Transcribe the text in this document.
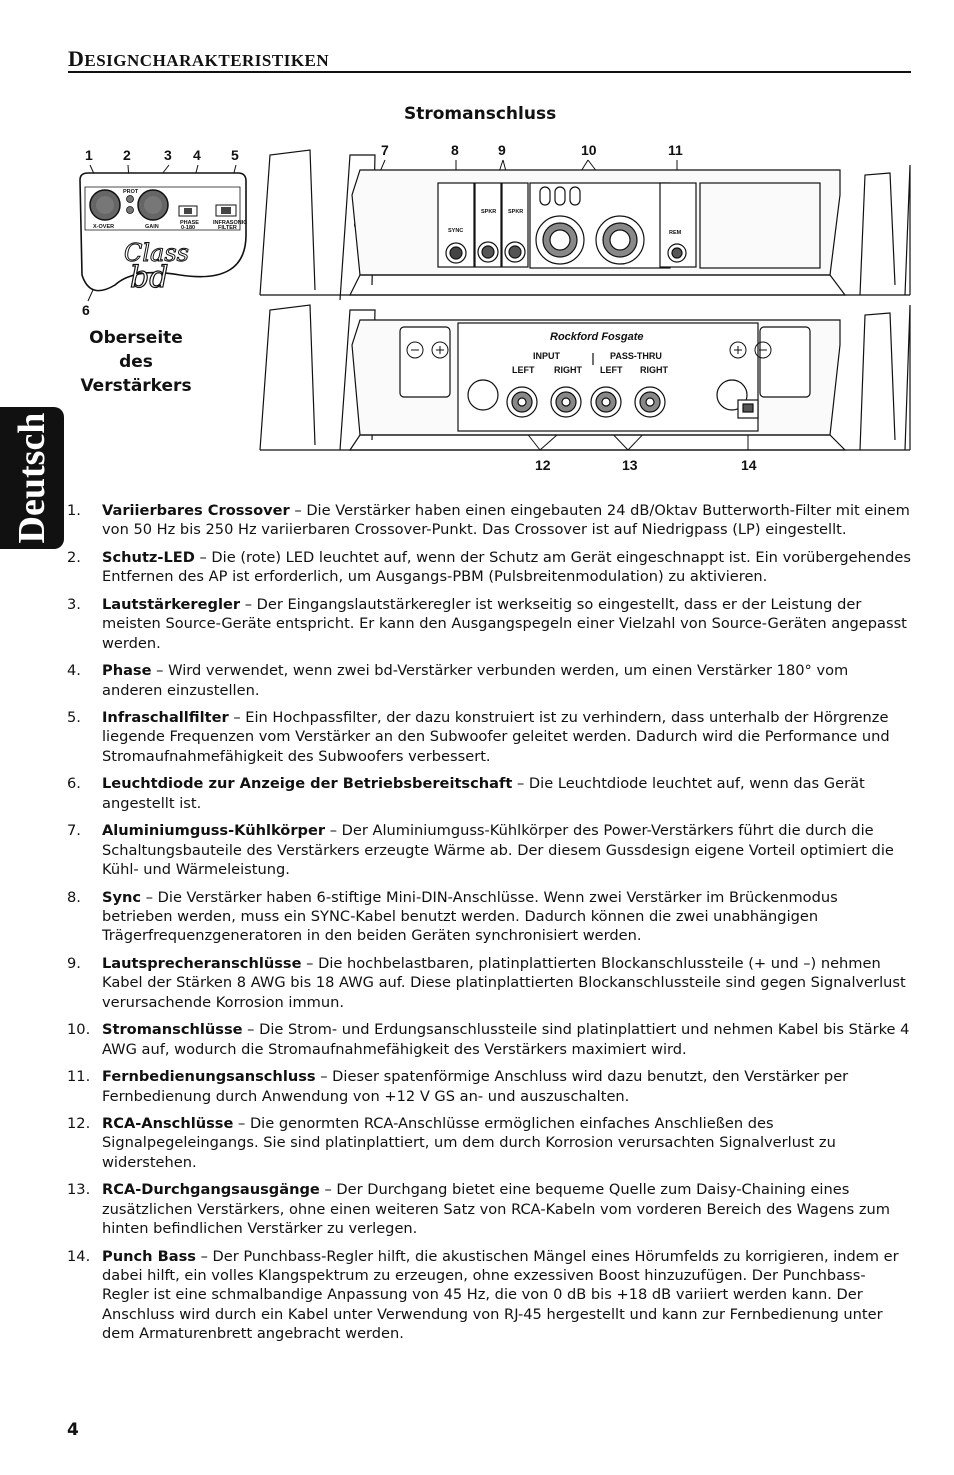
DESIGNCHARAKTERISTIKEN
Deutsch
Stromanschluss
Oberseite des
Verstärkers
1 2 3 4 5
6
7	8	9	10	11
12	13	14
X-OVER	GAIN
PROT
PHASE
0-180
INFRASONIC
FILTER
Class
bd
SYNC
SPKR SPKR
REM
Rockford Fosgate
INPUT	PASS-THRU
LEFT RIGHT LEFT RIGHT
1.	Variierbares Crossover – Die Verstärker haben einen eingebauten 24 dB/Oktav Butterworth-Filter mit einem von 50 Hz bis 250 Hz variierbaren Crossover-Punkt. Das Crossover ist auf Niedrigpass (LP) eingestellt.
2.	Schutz-LED – Die (rote) LED leuchtet auf, wenn der Schutz am Gerät eingeschnappt ist. Ein vorübergehendes Entfernen des AP ist erforderlich, um Ausgangs-PBM (Pulsbreitenmodulation) zu aktivieren.
3.	Lautstärkeregler – Der Eingangslautstärkeregler ist werkseitig so eingestellt, dass er der Leistung der meisten Source-Geräte entspricht. Er kann den Ausgangspegeln einer Vielzahl von Source-Geräten angepasst werden.
4.	Phase – Wird verwendet, wenn zwei bd-Verstärker verbunden werden, um einen Verstärker 180° vom anderen einzustellen.
5.	Infraschallfilter – Ein Hochpassfilter, der dazu konstruiert ist zu verhindern, dass unterhalb der Hörgrenze liegende Frequenzen vom Verstärker an den Subwoofer geleitet werden. Dadurch wird die Performance und Stromaufnahmefähigkeit des Subwoofers verbessert.
6.	Leuchtdiode zur Anzeige der Betriebsbereitschaft – Die Leuchtdiode leuchtet auf, wenn das Gerät angestellt ist.
7.	Aluminiumguss-Kühlkörper – Der Aluminiumguss-Kühlkörper des Power-Verstärkers führt die durch die Schaltungsbauteile des Verstärkers erzeugte Wärme ab. Der diesem Gussdesign eigene Vorteil optimiert die Kühl- und Wärmeleistung.
8.	Sync – Die Verstärker haben 6-stiftige Mini-DIN-Anschlüsse. Wenn zwei Verstärker im Brückenmodus betrieben werden, muss ein SYNC-Kabel benutzt werden. Dadurch können die zwei unabhängigen Trägerfrequenzgeneratoren in den beiden Geräten synchronisiert werden.
9.	Lautsprecheranschlüsse – Die hochbelastbaren, platinplattierten Blockanschlussteile (+ und –) nehmen Kabel der Stärken 8 AWG bis 18 AWG auf. Diese platinplattierten Blockanschlussteile sind gegen Signalverlust verursachende Korrosion immun.
10. Stromanschlüsse – Die Strom- und Erdungsanschlussteile sind platinplattiert und nehmen Kabel bis Stärke 4 AWG auf, wodurch die Stromaufnahmefähigkeit des Verstärkers maximiert wird.
11. Fernbedienungsanschluss – Dieser spatenförmige Anschluss wird dazu benutzt, den Verstärker per Fernbedienung durch Anwendung von +12 V GS an- und auszuschalten.
12. RCA-Anschlüsse – Die genormten RCA-Anschlüsse ermöglichen einfaches Anschließen des Signalpegeleingangs. Sie sind platinplattiert, um dem durch Korrosion verursachten Signalverlust zu widerstehen.
13. RCA-Durchgangsausgänge – Der Durchgang bietet eine bequeme Quelle zum Daisy-Chaining eines zusätzlichen Verstärkers, ohne einen weiteren Satz von RCA-Kabeln vom vorderen Bereich des Wagens zum hinten befindlichen Verstärker zu verlegen.
14. Punch Bass – Der Punchbass-Regler hilft, die akustischen Mängel eines Hörumfelds zu korrigieren, indem er dabei hilft, ein volles Klangspektrum zu erzeugen, ohne exzessiven Boost hinzuzufügen. Der Punchbass-Regler ist eine schmalbandige Anpassung von 45 Hz, die von 0 dB bis +18 dB variiert werden kann. Der Anschluss wird durch ein Kabel unter Verwendung von RJ-45 hergestellt und kann zur Fernbedienung unter dem Armaturenbrett angebracht werden.
4
